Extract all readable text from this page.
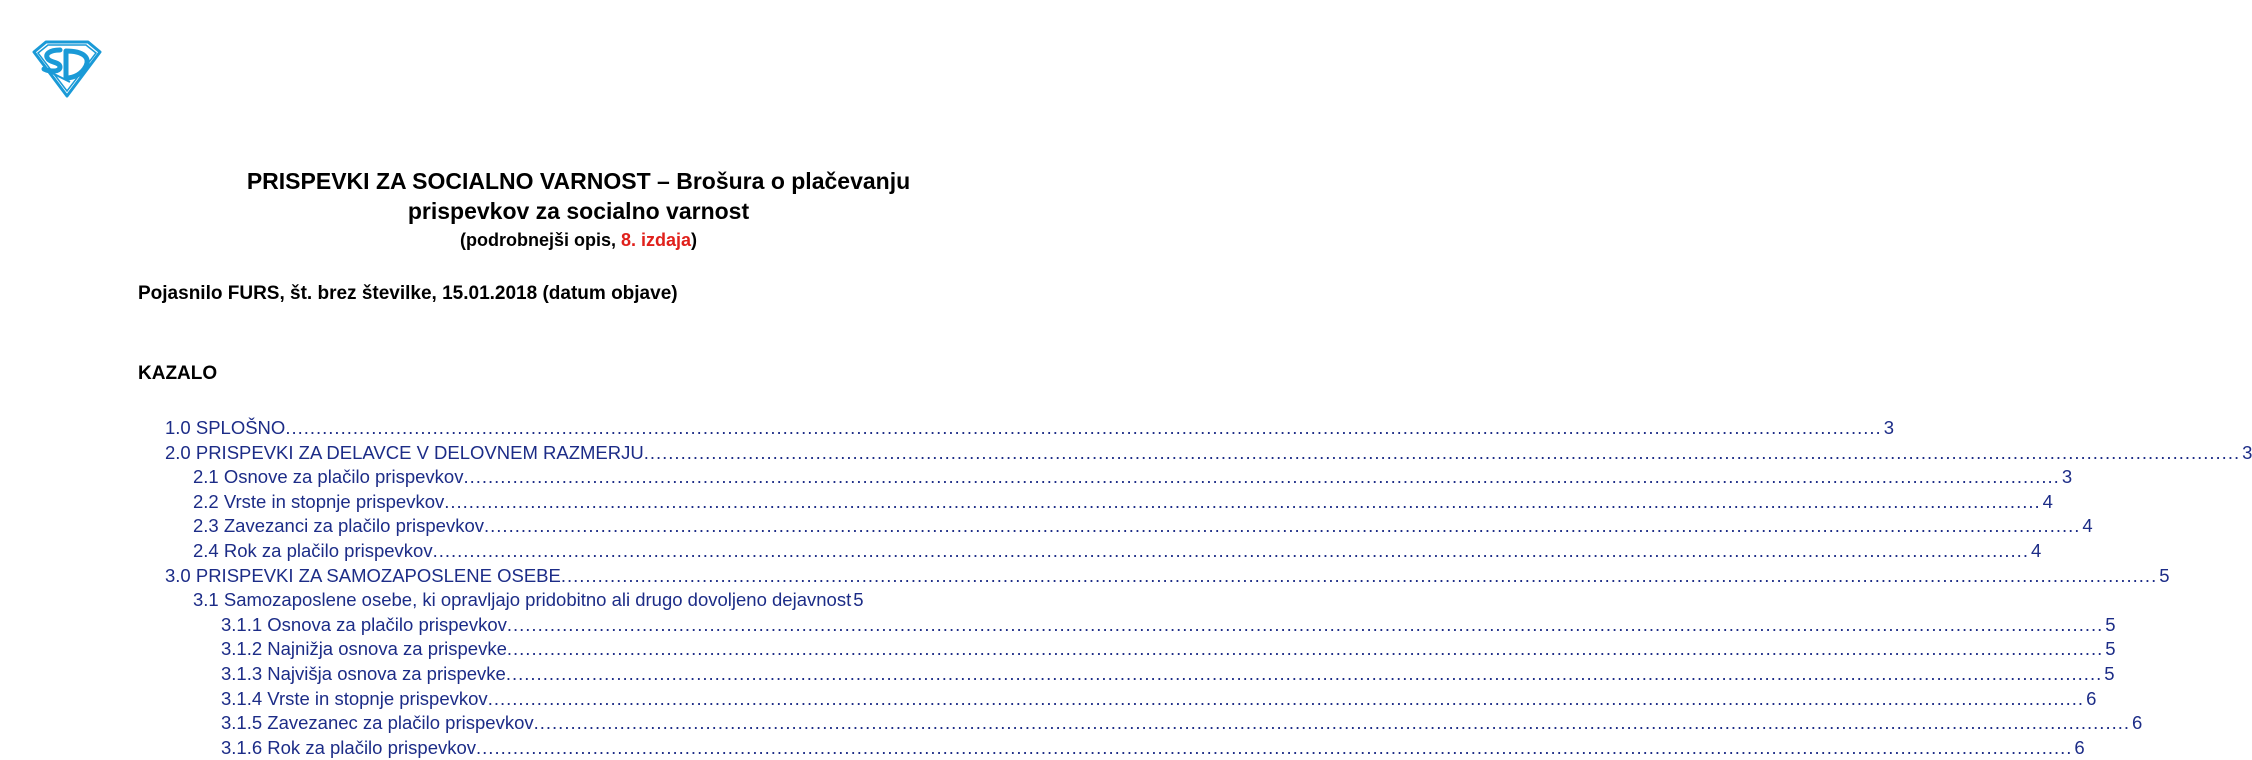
PRISPEVKI ZA SOCIALNO VARNOST – Brošura o plačevanju
prispevkov za socialno varnost
(podrobnejši opis, 8. izdaja)
Pojasnilo FURS, št. brez številke, 15.01.2018 (datum objave)
KAZALO
1.0 SPLOŠNO .................................................................................................................................................................................................................................................................... 3
2.0 PRISPEVKI ZA DELAVCE V DELOVNEM RAZMERJU .................................................................................................................................................................................................................................................................... 3
2.1 Osnove za plačilo prispevkov .................................................................................................................................................................................................................................................................... 3
2.2 Vrste in stopnje prispevkov .................................................................................................................................................................................................................................................................... 4
2.3 Zavezanci za plačilo prispevkov .................................................................................................................................................................................................................................................................... 4
2.4 Rok za plačilo prispevkov .................................................................................................................................................................................................................................................................... 4
3.0 PRISPEVKI ZA SAMOZAPOSLENE OSEBE .................................................................................................................................................................................................................................................................... 5
3.1 Samozaposlene osebe, ki opravljajo pridobitno ali drugo dovoljeno dejavnost 5
3.1.1 Osnova za plačilo prispevkov .................................................................................................................................................................................................................................................................... 5
3.1.2 Najnižja osnova za prispevke .................................................................................................................................................................................................................................................................... 5
3.1.3 Najvišja osnova za prispevke .................................................................................................................................................................................................................................................................... 5
3.1.4 Vrste in stopnje prispevkov .................................................................................................................................................................................................................................................................... 6
3.1.5 Zavezanec za plačilo prispevkov .................................................................................................................................................................................................................................................................... 6
3.1.6 Rok za plačilo prispevkov .................................................................................................................................................................................................................................................................... 6
